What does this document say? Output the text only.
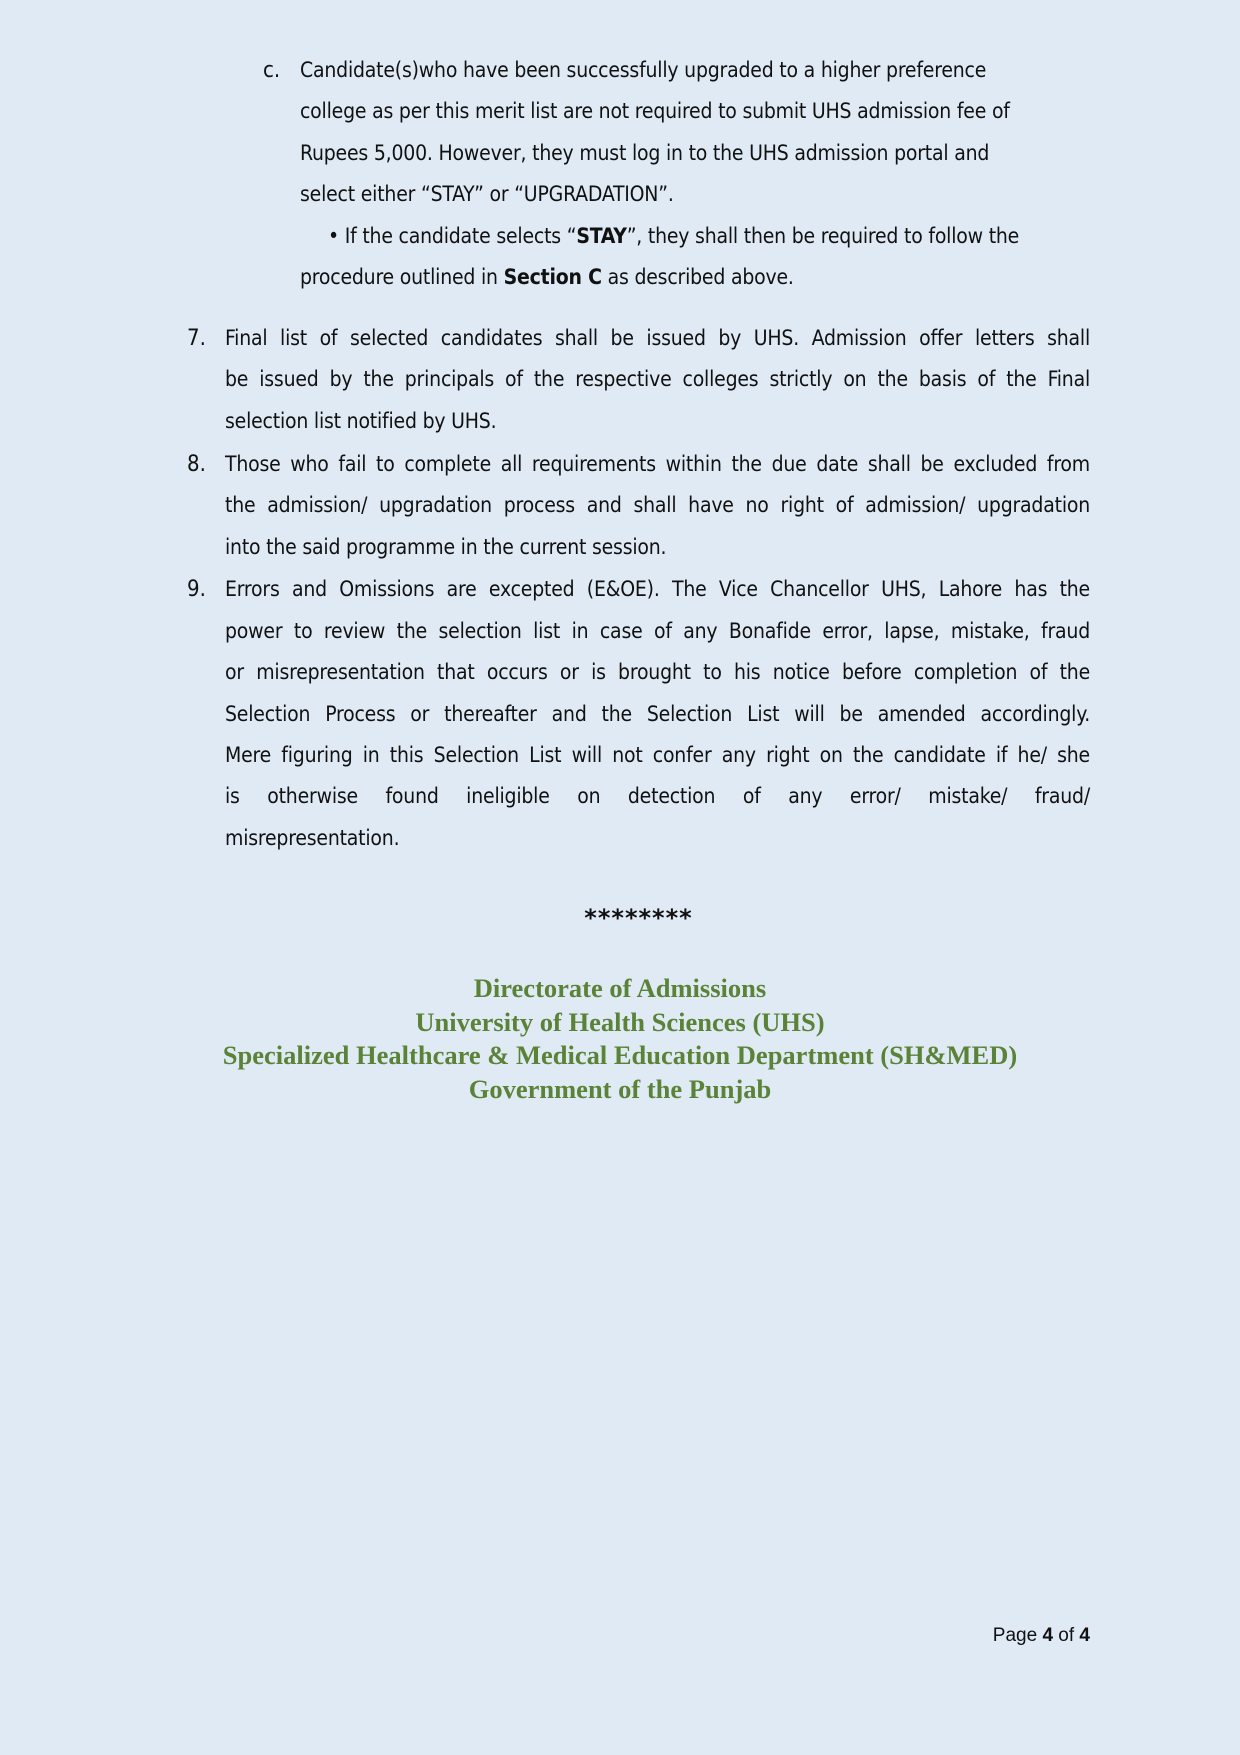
c. Candidate(s)who have been successfully upgraded to a higher preference
college as per this merit list are not required to submit UHS admission fee of
Rupees 5,000. However, they must log in to the UHS admission portal and
select either “STAY” or “UPGRADATION”.
• If the candidate selects “STAY”, they shall then be required to follow the
procedure outlined in Section C as described above.
7. Final list of selected candidates shall be issued by UHS. Admission offer letters shall
be issued by the principals of the respective colleges strictly on the basis of the Final
selection list notified by UHS.
8. Those who fail to complete all requirements within the due date shall be excluded from
the admission/ upgradation process and shall have no right of admission/ upgradation
into the said programme in the current session.
9. Errors and Omissions are excepted (E&OE). The Vice Chancellor UHS, Lahore has the
power to review the selection list in case of any Bonafide error, lapse, mistake, fraud
or misrepresentation that occurs or is brought to his notice before completion of the
Selection Process or thereafter and the Selection List will be amended accordingly.
Mere figuring in this Selection List will not confer any right on the candidate if he/ she
is otherwise found ineligible on detection of any error/ mistake/ fraud/
misrepresentation.
********
Directorate of Admissions
University of Health Sciences (UHS)
Specialized Healthcare & Medical Education Department (SH&MED)
Government of the Punjab
Page 4 of 4
